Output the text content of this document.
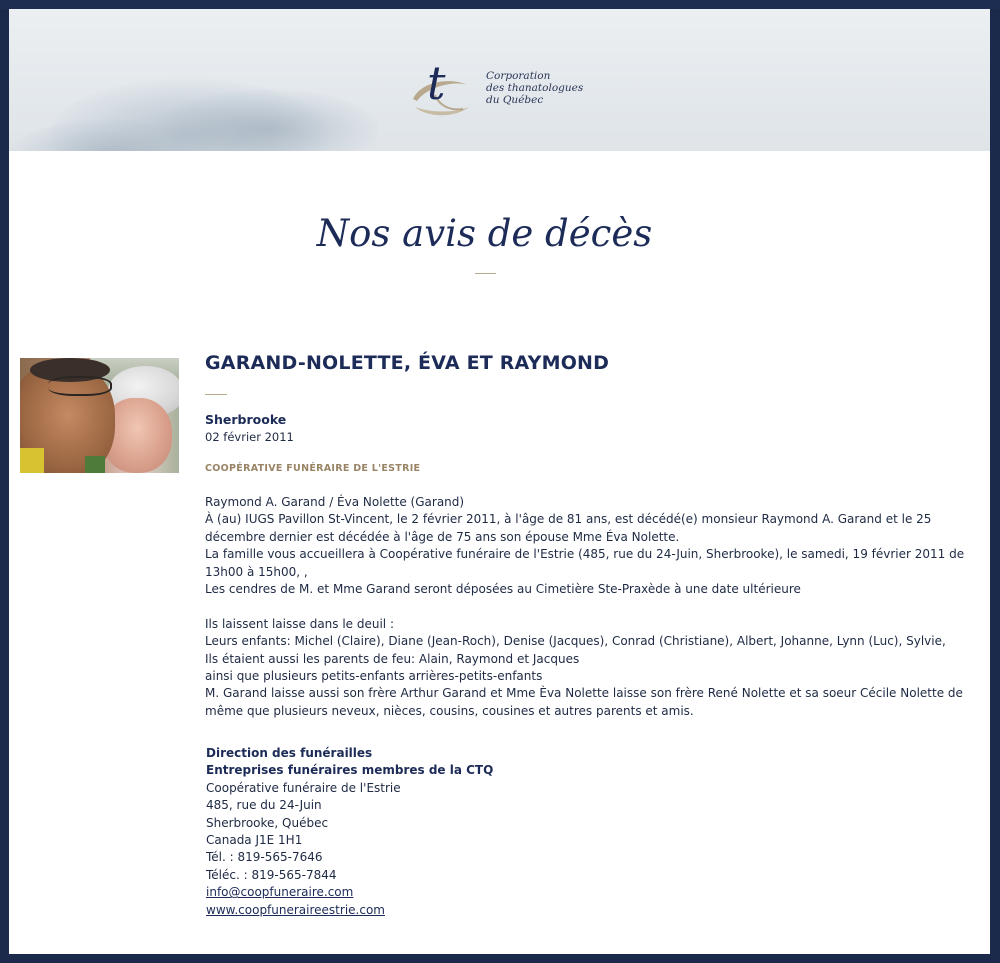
t	Corporation
des thanatologues
du Québec
Nos avis de décès
GARAND-NOLETTE, ÉVA ET RAYMOND
Sherbrooke
02 février 2011
COOPÉRATIVE FUNÉRAIRE DE L'ESTRIE

Raymond A. Garand / Éva Nolette (Garand)

À (au) IUGS Pavillon St-Vincent, le 2 février 2011, à l'âge de 81 ans, est décédé(e) monsieur Raymond A. Garand et le 25 décembre dernier est décédée à l'âge de 75 ans son épouse Mme Éva Nolette.

La famille vous accueillera à Coopérative funéraire de l'Estrie (485, rue du 24-Juin, Sherbrooke), le samedi, 19 février 2011 de 13h00 à 15h00, ,

Les cendres de M. et Mme Garand seront déposées au Cimetière Ste-Praxède à une date ultérieure

Ils laissent laisse dans le deuil :

Leurs enfants: Michel (Claire), Diane (Jean-Roch), Denise (Jacques), Conrad (Christiane), Albert, Johanne, Lynn (Luc), Sylvie,

Ils étaient aussi les parents de feu: Alain, Raymond et Jacques

ainsi que plusieurs petits-enfants arrières-petits-enfants

M. Garand laisse aussi son frère Arthur Garand et Mme Èva Nolette laisse son frère René Nolette et sa soeur Cécile Nolette de même que plusieurs neveux, nièces, cousins, cousines et autres parents et amis.

Direction des funérailles
Entreprises funéraires membres de la CTQ
Coopérative funéraire de l'Estrie
485, rue du 24-Juin
Sherbrooke, Québec
Canada J1E 1H1
Tél. : 819-565-7646
Téléc. : 819-565-7844
info@coopfuneraire.com
www.coopfuneraireestrie.com
